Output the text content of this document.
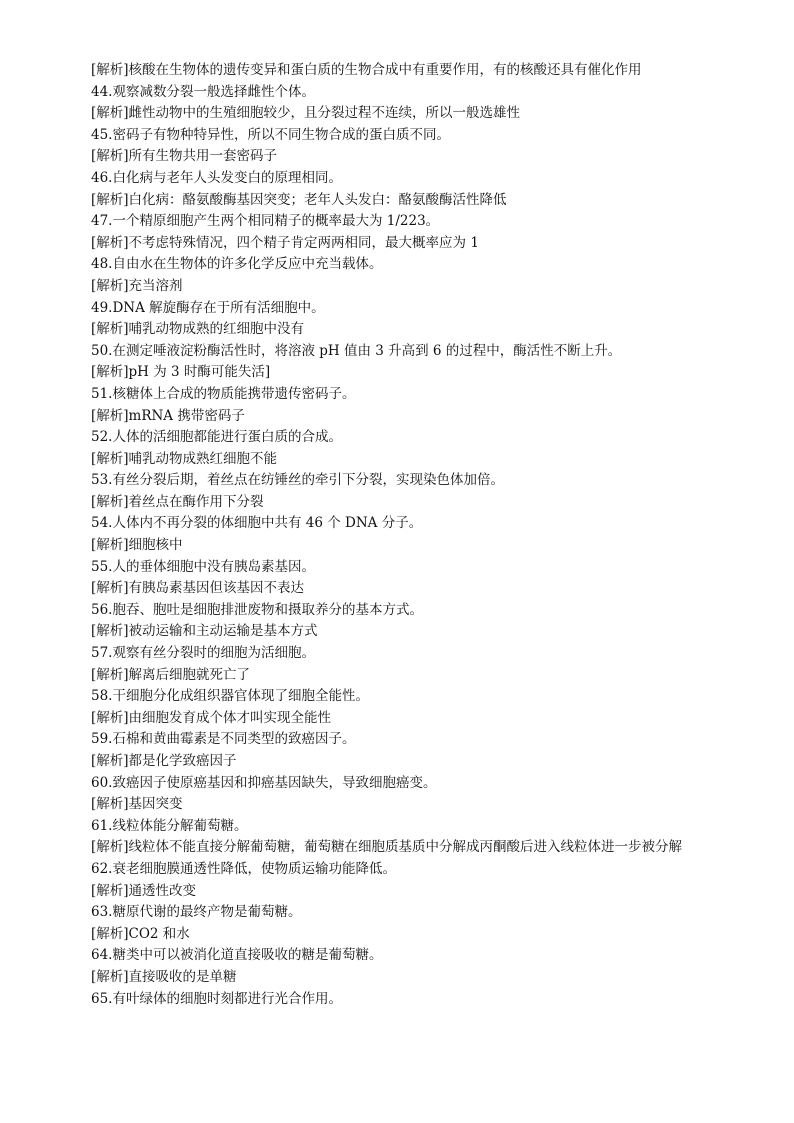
[解析]核酸在生物体的遗传变异和蛋白质的生物合成中有重要作用，有的核酸还具有催化作用
44.观察减数分裂一般选择雌性个体。
[解析]雌性动物中的生殖细胞较少，且分裂过程不连续，所以一般选雄性
45.密码子有物种特异性，所以不同生物合成的蛋白质不同。
[解析]所有生物共用一套密码子
46.白化病与老年人头发变白的原理相同。
[解析]白化病：酪氨酸酶基因突变；老年人头发白：酪氨酸酶活性降低
47.一个精原细胞产生两个相同精子的概率最大为 1/223。
[解析]不考虑特殊情况，四个精子肯定两两相同，最大概率应为 1
48.自由水在生物体的许多化学反应中充当载体。
[解析]充当溶剂
49.DNA 解旋酶存在于所有活细胞中。
[解析]哺乳动物成熟的红细胞中没有
50.在测定唾液淀粉酶活性时，将溶液 pH 值由 3 升高到 6 的过程中，酶活性不断上升。
[解析]pH 为 3 时酶可能失活]
51.核糖体上合成的物质能携带遗传密码子。
[解析]mRNA 携带密码子
52.人体的活细胞都能进行蛋白质的合成。
[解析]哺乳动物成熟红细胞不能
53.有丝分裂后期，着丝点在纺锤丝的牵引下分裂，实现染色体加倍。
[解析]着丝点在酶作用下分裂
54.人体内不再分裂的体细胞中共有 46 个 DNA 分子。
[解析]细胞核中
55.人的垂体细胞中没有胰岛素基因。
[解析]有胰岛素基因但该基因不表达
56.胞吞、胞吐是细胞排泄废物和摄取养分的基本方式。
[解析]被动运输和主动运输是基本方式
57.观察有丝分裂时的细胞为活细胞。
[解析]解离后细胞就死亡了
58.干细胞分化成组织器官体现了细胞全能性。
[解析]由细胞发育成个体才叫实现全能性
59.石棉和黄曲霉素是不同类型的致癌因子。
[解析]都是化学致癌因子
60.致癌因子使原癌基因和抑癌基因缺失，导致细胞癌变。
[解析]基因突变
61.线粒体能分解葡萄糖。
[解析]线粒体不能直接分解葡萄糖，葡萄糖在细胞质基质中分解成丙酮酸后进入线粒体进一步被分解
62.衰老细胞膜通透性降低，使物质运输功能降低。
[解析]通透性改变
63.糖原代谢的最终产物是葡萄糖。
[解析]CO2 和水
64.糖类中可以被消化道直接吸收的糖是葡萄糖。
[解析]直接吸收的是单糖
65.有叶绿体的细胞时刻都进行光合作用。
